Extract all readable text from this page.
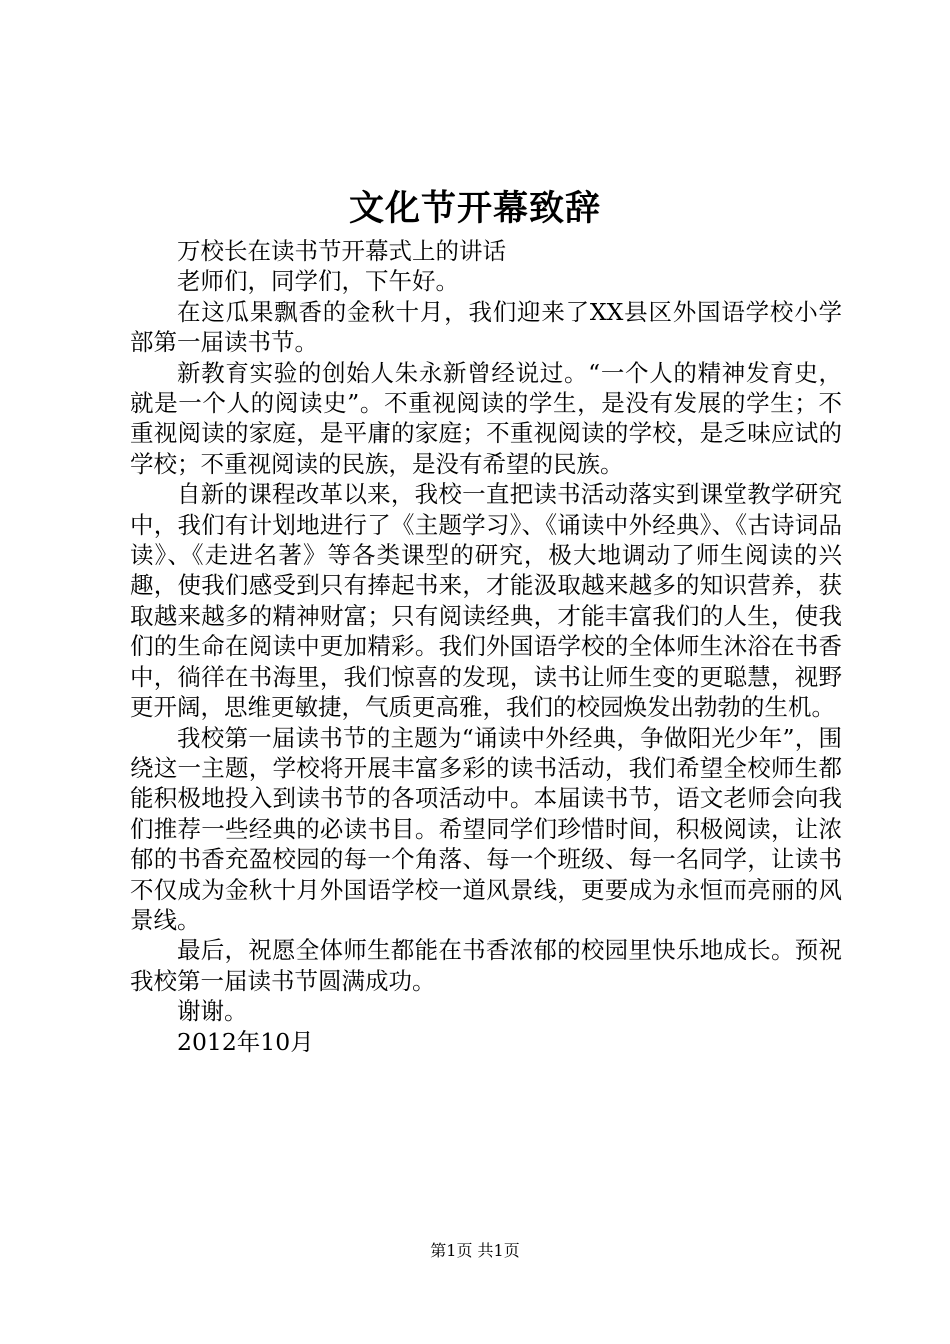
文化节开幕致辞

万校长在读书节开幕式上的讲话

老师们，同学们，下午好。

在这瓜果飘香的金秋十月，我们迎来了XX县区外国语学校小学部第一届读书节。

新教育实验的创始人朱永新曾经说过。“一个人的精神发育史，就是一个人的阅读史”。不重视阅读的学生，是没有发展的学生；不重视阅读的家庭，是平庸的家庭；不重视阅读的学校，是乏味应试的学校；不重视阅读的民族，是没有希望的民族。

自新的课程改革以来，我校一直把读书活动落实到课堂教学研究中，我们有计划地进行了《主题学习》、《诵读中外经典》、《古诗词品读》、《走进名著》等各类课型的研究，极大地调动了师生阅读的兴趣，使我们感受到只有捧起书来，才能汲取越来越多的知识营养，获取越来越多的精神财富；只有阅读经典，才能丰富我们的人生，使我们的生命在阅读中更加精彩。我们外国语学校的全体师生沐浴在书香中，徜徉在书海里，我们惊喜的发现，读书让师生变的更聪慧，视野更开阔，思维更敏捷，气质更高雅，我们的校园焕发出勃勃的生机。

我校第一届读书节的主题为“诵读中外经典，争做阳光少年”，围绕这一主题，学校将开展丰富多彩的读书活动，我们希望全校师生都能积极地投入到读书节的各项活动中。本届读书节，语文老师会向我们推荐一些经典的必读书目。希望同学们珍惜时间，积极阅读，让浓郁的书香充盈校园的每一个角落、每一个班级、每一名同学，让读书不仅成为金秋十月外国语学校一道风景线，更要成为永恒而亮丽的风景线。

最后，祝愿全体师生都能在书香浓郁的校园里快乐地成长。预祝我校第一届读书节圆满成功。

谢谢。

2012年10月

第1页 共1页
